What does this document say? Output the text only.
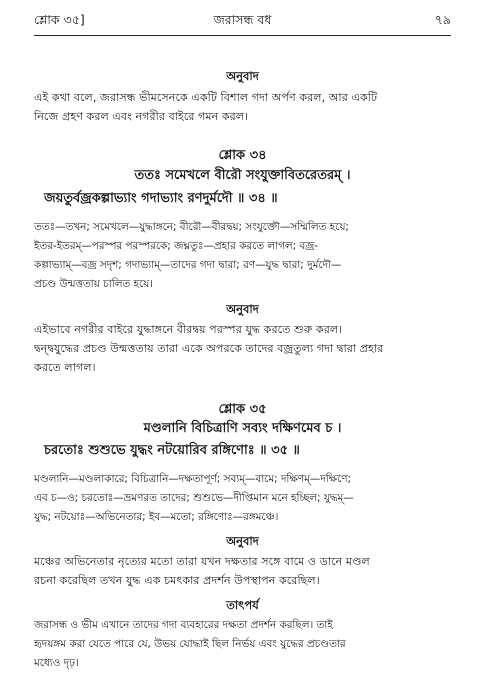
শ্লোক ৩৫]	জরাসন্ধ বধ	৭৯
অনুবাদ
এই কথা বলে, জরাসন্ধ ভীমসেনকে একটি বিশাল গদা অর্পণ করল, আর একটি
নিজে গ্রহণ করল এবং নগরীর বাইরে গমন করল।
শ্লোক ৩৪
ততঃ সমেখলে বীরৌ সংযুক্তাবিতরেতরম্ ।
জয়তুর্বজ্রকল্পাভ্যাং গদাভ্যাং রণদুর্মদৌ ॥ ৩৪ ॥
ততঃ—তখন; সমেখলে—যুদ্ধাঙ্গনে; বীরৌ—বীরদ্বয়; সংযুক্তৌ—সম্মিলিত হয়ে;
ইতর-ইতরম্—পরস্পর পরস্পরকে; জঘ্নতুঃ—প্রহার করতে লাগল; বজ্র-
কল্পাভ্যাম্—বজ্র সদৃশ; গদাভ্যাম্—তাদের গদা দ্বারা; রণ—যুদ্ধ দ্বারা; দুর্মদৌ—
প্রচণ্ড উন্মত্ততায় চালিত হয়ে।
অনুবাদ
এইভাবে নগরীর বাইরে যুদ্ধাঙ্গনে বীরদ্বয় পরস্পর যুদ্ধ করতে শুরু করল।
দ্বন্দ্বযুদ্ধের প্রচণ্ড উন্মত্ততায় তারা একে অপরকে তাদের বজ্রতুল্য গদা দ্বারা প্রহার
করতে লাগল।
শ্লোক ৩৫
মণ্ডলানি বিচিত্রাণি সব্যং দক্ষিণমেব চ ।
চরতোঃ শুশুভে যুদ্ধং নটয়োরিব রঙ্গিণোঃ ॥ ৩৫ ॥
মণ্ডলানি—মণ্ডলাকারে; বিচিত্রানি—দক্ষতাপূর্ণ; সব্যম্—বামে; দক্ষিণম্—দক্ষিণে;
এব চ—ও; চরতোঃ—ভ্রমণরত তাদের; শুশুভে—দীপ্তিমান মনে হচ্ছিল; যুদ্ধম্—
যুদ্ধ; নটয়োঃ—অভিনেতার; ইব—মতো; রঙ্গিণোঃ—রঙ্গমঞ্চে।
অনুবাদ
মঞ্চের অভিনেতার নৃত্যের মতো তারা যখন দক্ষতার সঙ্গে বামে ও ডানে মণ্ডল
রচনা করেছিল তখন যুদ্ধ এক চমৎকার প্রদর্শন উপস্থাপন করেছিল।
তাৎপর্য
জরাসন্ধ ও ভীম এখানে তাদের গদা ব্যবহারের দক্ষতা প্রদর্শন করছিল। তাই
হৃদয়ঙ্গম করা যেতে পারে যে, উভয় যোদ্ধাই ছিল নির্ভয় এবং যুদ্ধের প্রচণ্ডতার
মধ্যেও দৃঢ়।
